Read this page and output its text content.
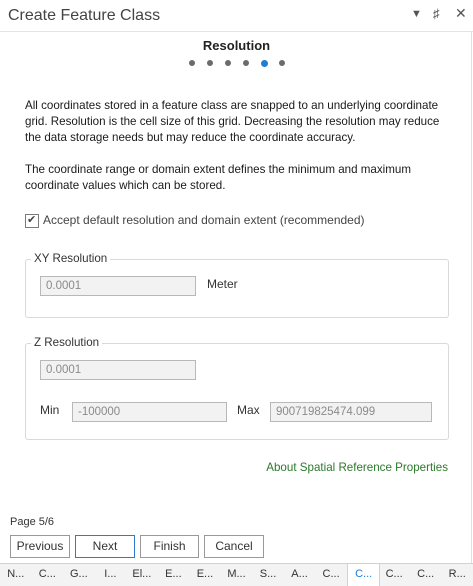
Create Feature Class	▼ ♯ ✕
Resolution
All coordinates stored in a feature class are snapped to an underlying coordinate grid. Resolution is the cell size of this grid. Decreasing the resolution may reduce the data storage needs but may reduce the coordinate accuracy.
The coordinate range or domain extent defines the minimum and maximum coordinate values which can be stored.
✔
Accept default resolution and domain extent (recommended)
XY Resolution
0.0001	Meter
Z Resolution
0.0001
Min	-100000	Max	900719825474.099
About Spatial Reference Properties
Page 5/6
Previous	Next	Finish	Cancel
N...	C...	G...	I...	El...	E...	E...	M...	S...	A...	C...	C...	C...	C...	R...
